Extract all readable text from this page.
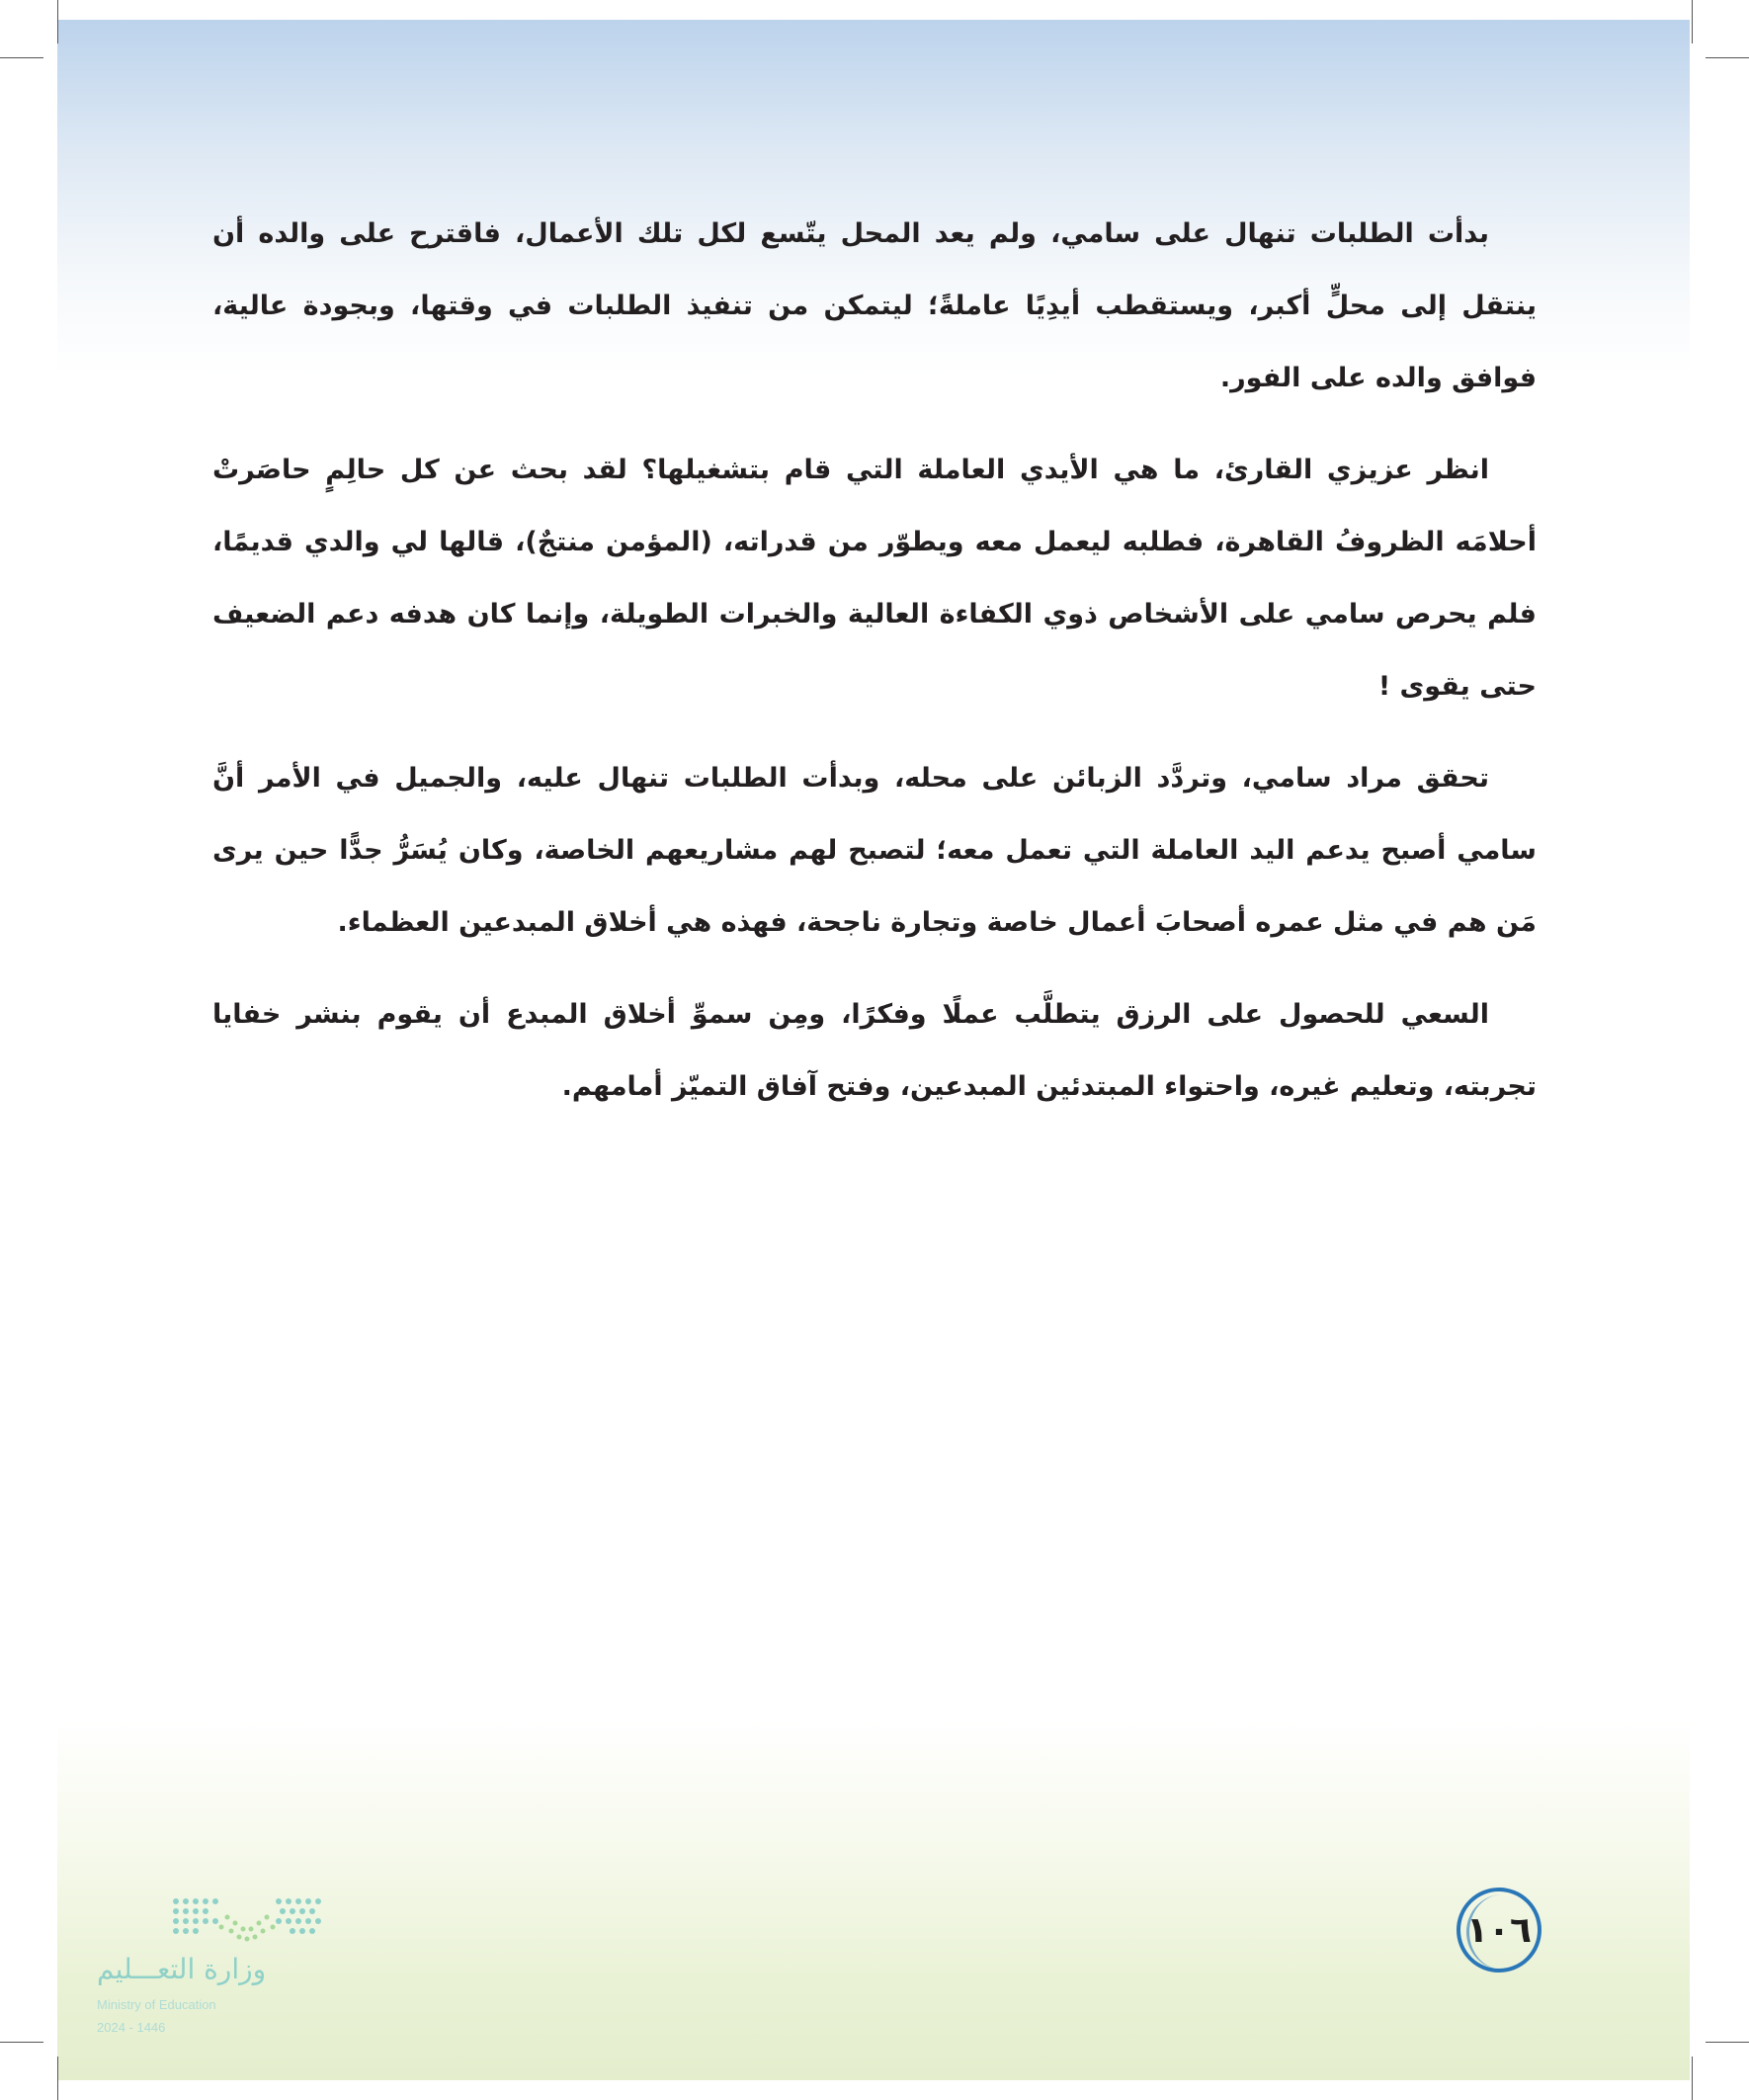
بدأت الطلبات تنهال على سامي، ولم يعد المحل يتّسع لكل تلك الأعمال، فاقترح على والده أن ينتقل إلى محلٍّ أكبر، ويستقطب أيدِيًا عاملةً؛ ليتمكن من تنفيذ الطلبات في وقتها، وبجودة عالية، فوافق والده على الفور.

انظر عزيزي القارئ، ما هي الأيدي العاملة التي قام بتشغيلها؟ لقد بحث عن كل حالِمٍ حاصَرتْ أحلامَه الظروفُ القاهرة، فطلبه ليعمل معه ويطوّر من قدراته، (المؤمن منتجٌ)، قالها لي والدي قديمًا، فلم يحرص سامي على الأشخاص ذوي الكفاءة العالية والخبرات الطويلة، وإنما كان هدفه دعم الضعيف حتى يقوى !

تحقق مراد سامي، وتردَّد الزبائن على محله، وبدأت الطلبات تنهال عليه، والجميل في الأمر أنَّ سامي أصبح يدعم اليد العاملة التي تعمل معه؛ لتصبح لهم مشاريعهم الخاصة، وكان يُسَرُّ جدًّا حين يرى مَن هم في مثل عمره أصحابَ أعمال خاصة وتجارة ناجحة، فهذه هي أخلاق المبدعين العظماء.

السعي للحصول على الرزق يتطلَّب عملًا وفكرًا، ومِن سموِّ أخلاق المبدع أن يقوم بنشر خفايا تجربته، وتعليم غيره، واحتواء المبتدئين المبدعين، وفتح آفاق التميّز أمامهم.

١٠٦
وزارة التعـــليم
Ministry of Education
2024 - 1446
